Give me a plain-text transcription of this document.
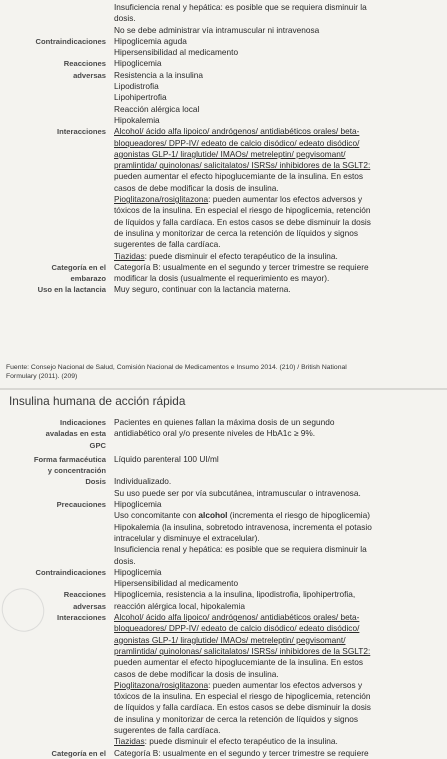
Insuficiencia renal y hepática: es posible que se requiera disminuir la
dosis.
No se debe administrar vía intramuscular ni intravenosa
Contraindicaciones Hipoglicemia aguda
Hipersensibilidad al medicamento
Reacciones
adversas
Hipoglicemia
Resistencia a la insulina
Lipodistrofia
Lipohipertrofia
Reacción alérgica local
Hipokalemia
Interacciones Alcohol/ ácido alfa lipoico/ andrógenos/ antidiabéticos orales/ beta-
bloqueadores/ DPP-IV/ edeato de calcio disódico/ edeato disódico/
agonistas GLP-1/ liraglutide/ IMAOs/ metreleptin/ pegvisomant/
pramlintida/ quinolonas/ salicitalatos/ ISRSs/ inhibidores de la SGLT2:
pueden aumentar el efecto hipoglucemiante de la insulina. En estos
casos de debe modificar la dosis de insulina.
Pioglitazona/rosiglitazona: pueden aumentar los efectos adversos y
tóxicos de la insulina. En especial el riesgo de hipoglicemia, retención
de líquidos y falla cardíaca. En estos casos se debe disminuir la dosis
de insulina y monitorizar de cerca la retención de líquidos y signos
sugerentes de falla cardíaca.
Tiazidas: puede disminuir el efecto terapéutico de la insulina.
Categoría en el
embarazo
Categoría B: usualmente en el segundo y tercer trimestre se requiere
modificar la dosis (usualmente el requerimiento es mayor).
Uso en la lactancia Muy seguro, continuar con la lactancia materna.
Fuente: Consejo Nacional de Salud, Comisión Nacional de Medicamentos e Insumo 2014. (210) / British National
Formulary (2011). (209)
Insulina humana de acción rápida
Indicaciones
avaladas en esta
GPC
Pacientes en quienes fallan la máxima dosis de un segundo
antidiabético oral y/o presente niveles de HbA1c ≥ 9%.
Forma farmacéutica
y concentración
Líquido parenteral 100 UI/ml
Dosis Individualizado.
Su uso puede ser por vía subcutánea, intramuscular o intravenosa.
Precauciones Hipoglicemia
Uso concomitante con alcohol (incrementa el riesgo de hipoglicemia)
Hipokalemia (la insulina, sobretodo intravenosa, incrementa el potasio
intracelular y disminuye el extracelular).
Insuficiencia renal y hepática: es posible que se requiera disminuir la
dosis.
Contraindicaciones Hipoglicemia
Hipersensibilidad al medicamento
Reacciones
adversas
Hipoglicemia, resistencia a la insulina, lipodistrofia, lipohipertrofia,
reacción alérgica local, hipokalemia
Interacciones Alcohol/ ácido alfa lipoico/ andrógenos/ antidiabéticos orales/ beta-
bloqueadores/ DPP-IV/ edeato de calcio disódico/ edeato disódico/
agonistas GLP-1/ liraglutide/ IMAOs/ metreleptin/ pegvisomant/
pramlintida/ quinolonas/ salicitalatos/ ISRSs/ inhibidores de la SGLT2:
pueden aumentar el efecto hipoglucemiante de la insulina. En estos
casos de debe modificar la dosis de insulina.
Pioglitazona/rosiglitazona: pueden aumentar los efectos adversos y
tóxicos de la insulina. En especial el riesgo de hipoglicemia, retención
de líquidos y falla cardíaca. En estos casos se debe disminuir la dosis
de insulina y monitorizar de cerca la retención de líquidos y signos
sugerentes de falla cardíaca.
Tiazidas: puede disminuir el efecto terapéutico de la insulina.
Categoría en el Categoría B: usualmente en el segundo y tercer trimestre se requiere
